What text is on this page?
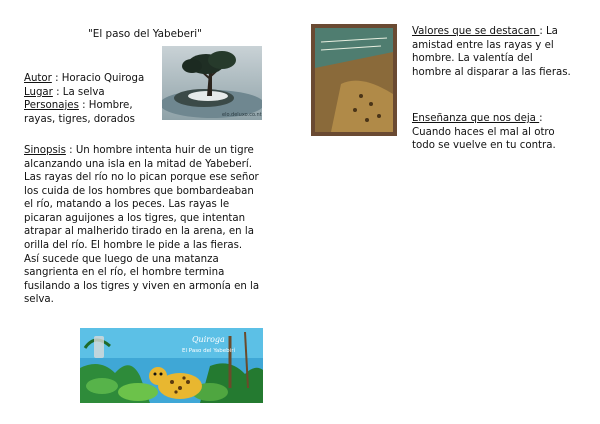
"El paso del Yabeberi"

Autor : Horacio Quiroga

Lugar : La selva

Personajes : Hombre, rayas, tigres, dorados	elo.deluxo.co.nt

Sinopsis : Un hombre intenta huir de un tigre alcanzando una isla en la mitad de Yabeberí. Las rayas del río no lo pican porque ese señor los cuida de los hombres que bombardeaban el río, matando a los peces. Las rayas le picaran aguijones a los tigres, que intentan atrapar al malherido tirado en la arena, en la orilla del río. El hombre le pide a las fieras. Así sucede que luego de una matanza sangrienta en el río, el hombre termina fusilando a los tigres y viven en armonía en la selva.

Quiroga
El Paso del Yabebirí

Valores que se destacan : La amistad entre las rayas y el hombre. La valentía del hombre al disparar a las fieras.

Enseñanza que nos deja : Cuando haces el mal al otro todo se vuelve en tu contra.
